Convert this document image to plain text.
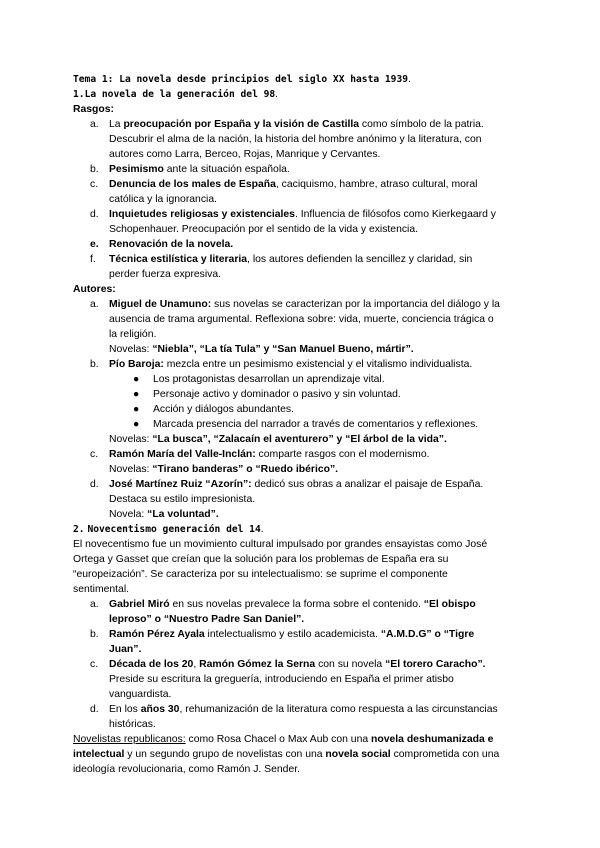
Tema 1: La novela desde principios del siglo XX hasta 1939.

1.La novela de la generación del 98.

Rasgos:

a. La preocupación por España y la visión de Castilla como símbolo de la patria.
Descubrir el alma de la nación, la historia del hombre anónimo y la literatura, con
autores como Larra, Berceo, Rojas, Manrique y Cervantes.
b. Pesimismo ante la situación española.
c. Denuncia de los males de España, caciquismo, hambre, atraso cultural, moral
católica y la ignorancia.
d. Inquietudes religiosas y existenciales. Influencia de filósofos como Kierkegaard y
Schopenhauer. Preocupación por el sentido de la vida y existencia.
e. Renovación de la novela.
f. Técnica estilística y literaria, los autores defienden la sencillez y claridad, sin
perder fuerza expresiva.

Autores:

a. Miguel de Unamuno: sus novelas se caracterizan por la importancia del diálogo y la
ausencia de trama argumental. Reflexiona sobre: vida, muerte, conciencia trágica o
la religión.
Novelas: “Niebla”, “La tía Tula” y “San Manuel Bueno, mártir”.
b. Pío Baroja: mezcla entre un pesimismo existencial y el vitalismo individualista.
● Los protagonistas desarrollan un aprendizaje vital.
● Personaje activo y dominador o pasivo y sin voluntad.
● Acción y diálogos abundantes.
● Marcada presencia del narrador a través de comentarios y reflexiones.
Novelas: “La busca”, “Zalacaín el aventurero” y “El árbol de la vida”.
c. Ramón María del Valle-Inclán: comparte rasgos con el modernismo.
Novelas: “Tirano banderas” o “Ruedo ibérico”.
d. José Martínez Ruiz “Azorín”: dedicó sus obras a analizar el paisaje de España.
Destaca su estilo impresionista.
Novela: “La voluntad”.

2. Novecentismo generación del 14.

El novecentismo fue un movimiento cultural impulsado por grandes ensayistas como José

Ortega y Gasset que creían que la solución para los problemas de España era su

“europeización”. Se caracteriza por su intelectualismo: se suprime el componente

sentimental.

a. Gabriel Miró en sus novelas prevalece la forma sobre el contenido. “El obispo
leproso” o “Nuestro Padre San Daniel”.
b. Ramón Pérez Ayala intelectualismo y estilo academicista. “A.M.D.G” o “Tigre
Juan”.
c. Década de los 20, Ramón Gómez la Serna con su novela “El torero Caracho”.
Preside su escritura la greguería, introduciendo en España el primer atisbo
vanguardista.
d. En los años 30, rehumanización de la literatura como respuesta a las circunstancias
históricas.

Novelistas republicanos: como Rosa Chacel o Max Aub con una novela deshumanizada e

intelectual y un segundo grupo de novelistas con una novela social comprometida con una

ideología revolucionaria, como Ramón J. Sender.
